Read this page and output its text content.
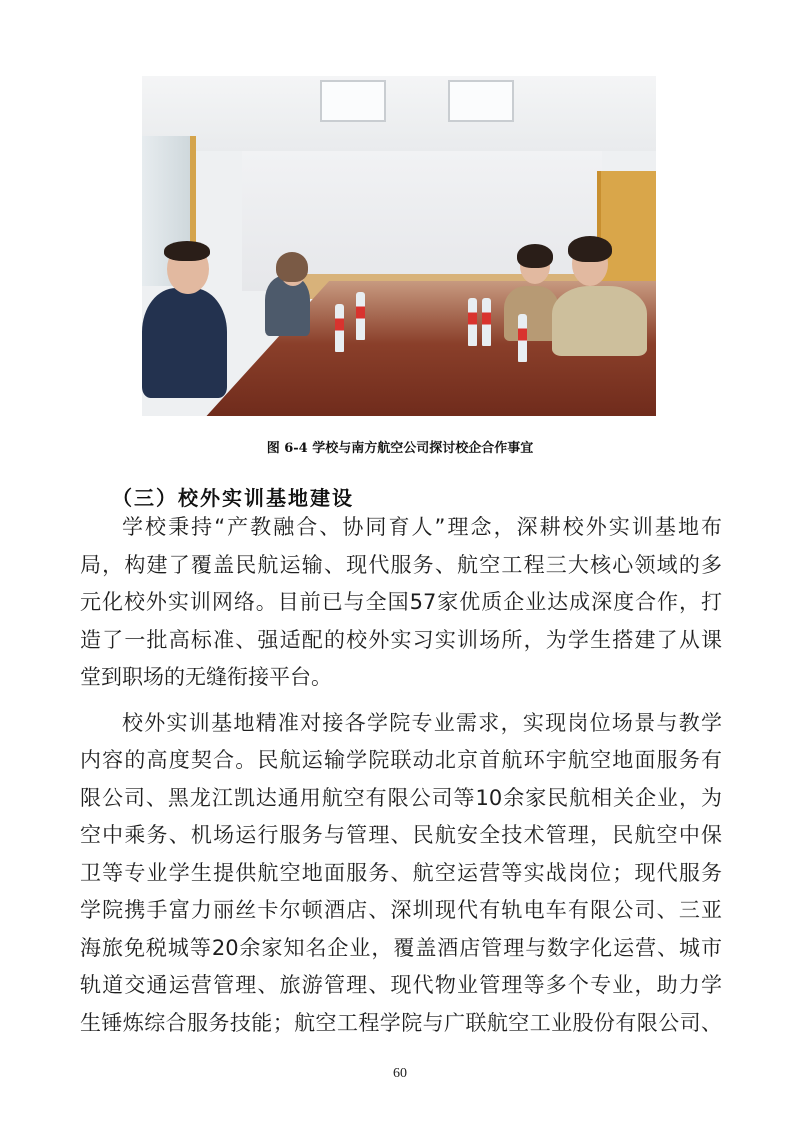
图 6-4 学校与南方航空公司探讨校企合作事宜
（三）校外实训基地建设
学校秉持“产教融合、协同育人”理念，深耕校外实训基地布
局，构建了覆盖民航运输、现代服务、航空工程三大核心领域的多
元化校外实训网络。目前已与全国57家优质企业达成深度合作，打
造了一批高标准、强适配的校外实习实训场所，为学生搭建了从课
堂到职场的无缝衔接平台。
校外实训基地精准对接各学院专业需求，实现岗位场景与教学
内容的高度契合。民航运输学院联动北京首航环宇航空地面服务有
限公司、黑龙江凯达通用航空有限公司等10余家民航相关企业，为
空中乘务、机场运行服务与管理、民航安全技术管理，民航空中保
卫等专业学生提供航空地面服务、航空运营等实战岗位；现代服务
学院携手富力丽丝卡尔顿酒店、深圳现代有轨电车有限公司、三亚
海旅免税城等20余家知名企业，覆盖酒店管理与数字化运营、城市
轨道交通运营管理、旅游管理、现代物业管理等多个专业，助力学
生锤炼综合服务技能；航空工程学院与广联航空工业股份有限公司、
60
